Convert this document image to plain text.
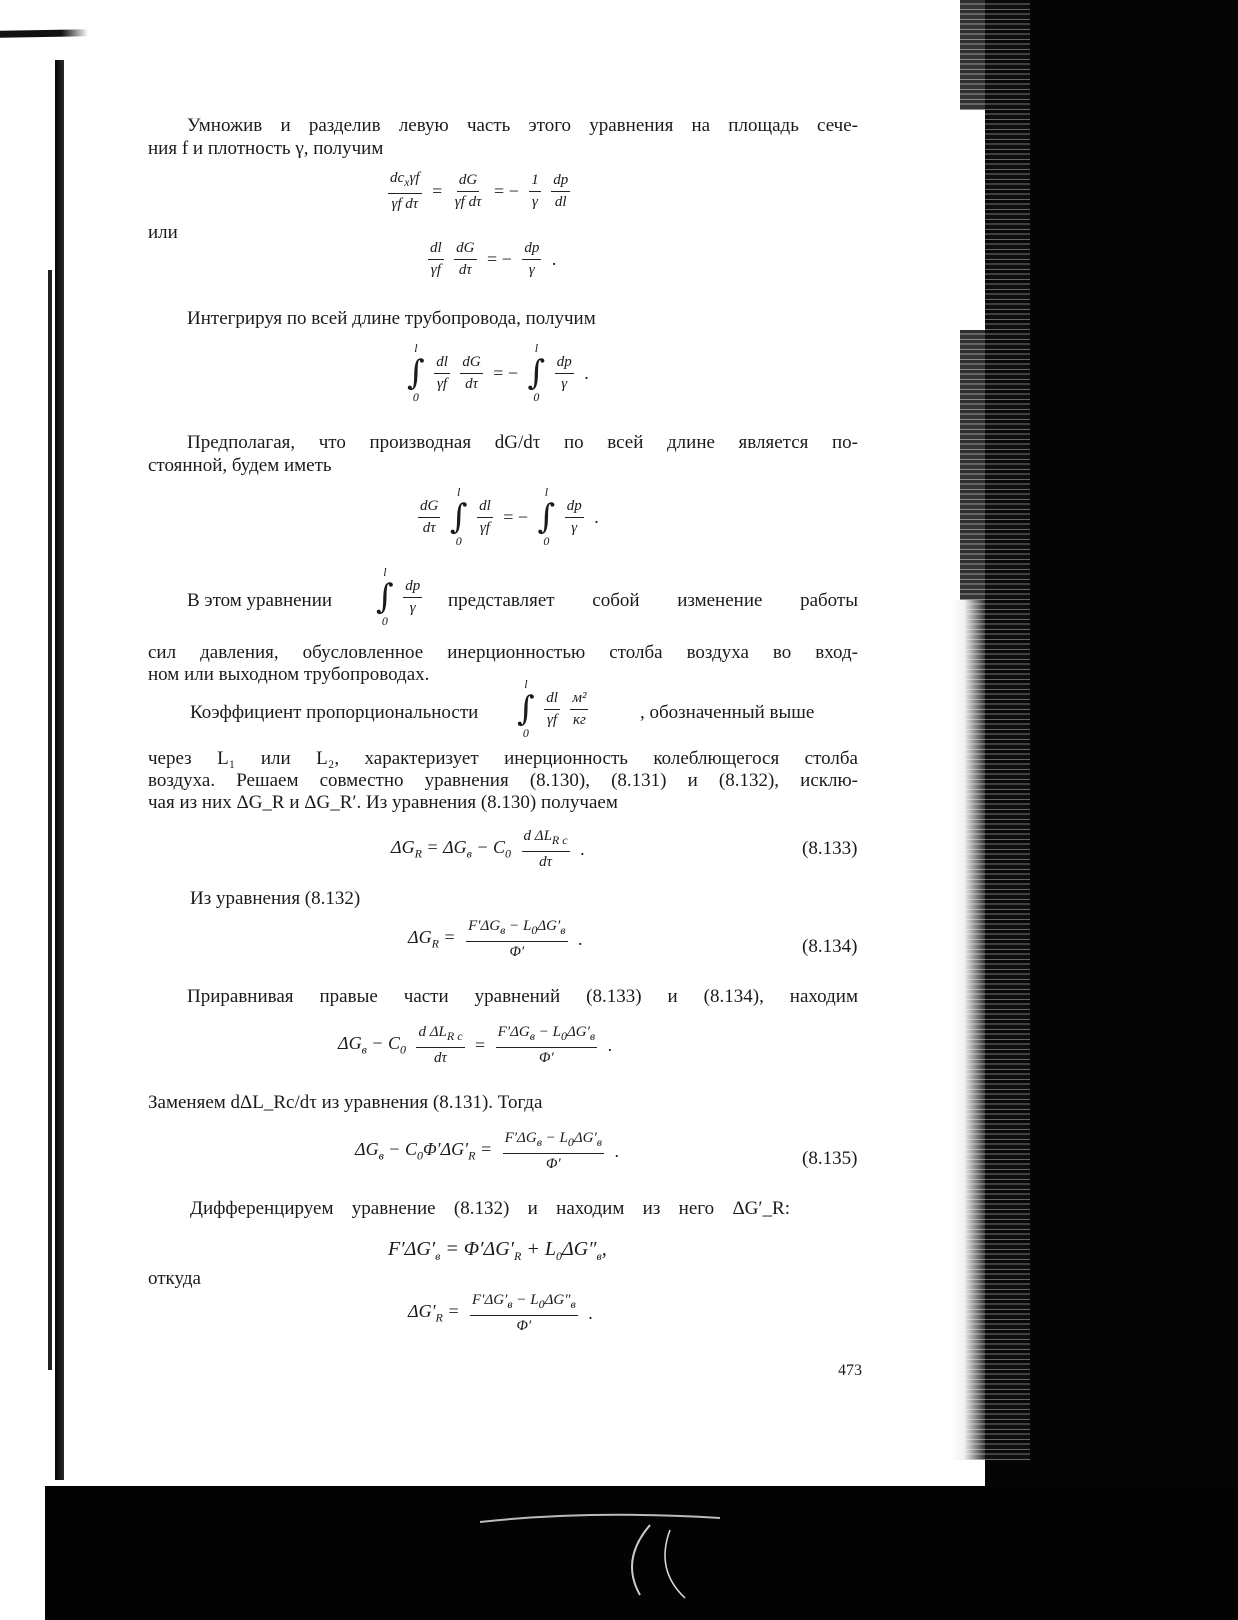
Умножив и разделив левую часть этого уравнения на площадь сече-
ния f и плотность γ, получим
$\frac{dc_x\gamma f}{\text{γf dτ}} = \frac{dG}{\text{γf dτ}}$ = − $\frac{1}{\gamma}$
$\frac{dp}{dl}$
или
$\frac{dl}{\gamma f}$
$\frac{dG}{d\tau}$ = − $\frac{dp}{\gamma}$ .
Интегрируя по всей длине трубопровода, получим
l
∫
0

$\frac{dl}{\gamma f}$
$\frac{dG}{d\tau}$ = −
l
∫
0

$\frac{dp}{\gamma}$ .
Предполагая, что производная dG/dτ по всей длине является по-
стоянной, будем иметь
$\frac{dG}{d\tau}$

l
∫
0

$\frac{dl}{\gamma f}$ = −
l
∫
0

$\frac{dp}{\gamma}$ .
В этом уравнении
l
∫
0

$\frac{dp}{\gamma}$ представляет собой изменение работы
сил давления, обусловленное инерционностью столба воздуха во вход-
ном или выходном трубопроводах.
Коэффициент пропорциональности
l
∫
0

$\frac{dl}{\gamma f}$
$\frac{\text{м²}}{кг}$	, обозначенный выше
через L₁ или L₂, характеризует инерционность колеблющегося столба
воздуха. Решаем совместно уравнения (8.130), (8.131) и (8.132), исклю-
чая из них ΔG_R и ΔG_R′. Из уравнения (8.130) получаем
$\Delta G_R = \Delta G_в - C_0 \frac{d \Delta L_{R c}}{d\tau}$ .	(8.133)
Из уравнения (8.132)
$\Delta G_R = \frac{F'\Delta G_в - L_0\Delta G'_в}{\Phi'}$ .	(8.134)
Приравнивая правые части уравнений (8.133) и (8.134), находим
$\Delta G_в - C_0 \frac{d \Delta L_{R c}}{d\tau} = \frac{F'\Delta G_в - L_0\Delta G'_в}{\Phi'}$ .
Заменяем dΔL_Rc/dτ из уравнения (8.131). Тогда
$\Delta G_в - C_0\Phi'\Delta G'_R = \frac{F'\Delta G_в - L_0\Delta G'_в}{\Phi'}$ .	(8.135)
Дифференцируем уравнение (8.132) и находим из него ΔG′_R:
$F'\Delta G'_в = \Phi'\Delta G'_R + L_0\Delta G''_в$,
откуда
$\Delta G'_R = \frac{F'\Delta G'_в - L_0\Delta G''_в}{\Phi'}$ .
473
